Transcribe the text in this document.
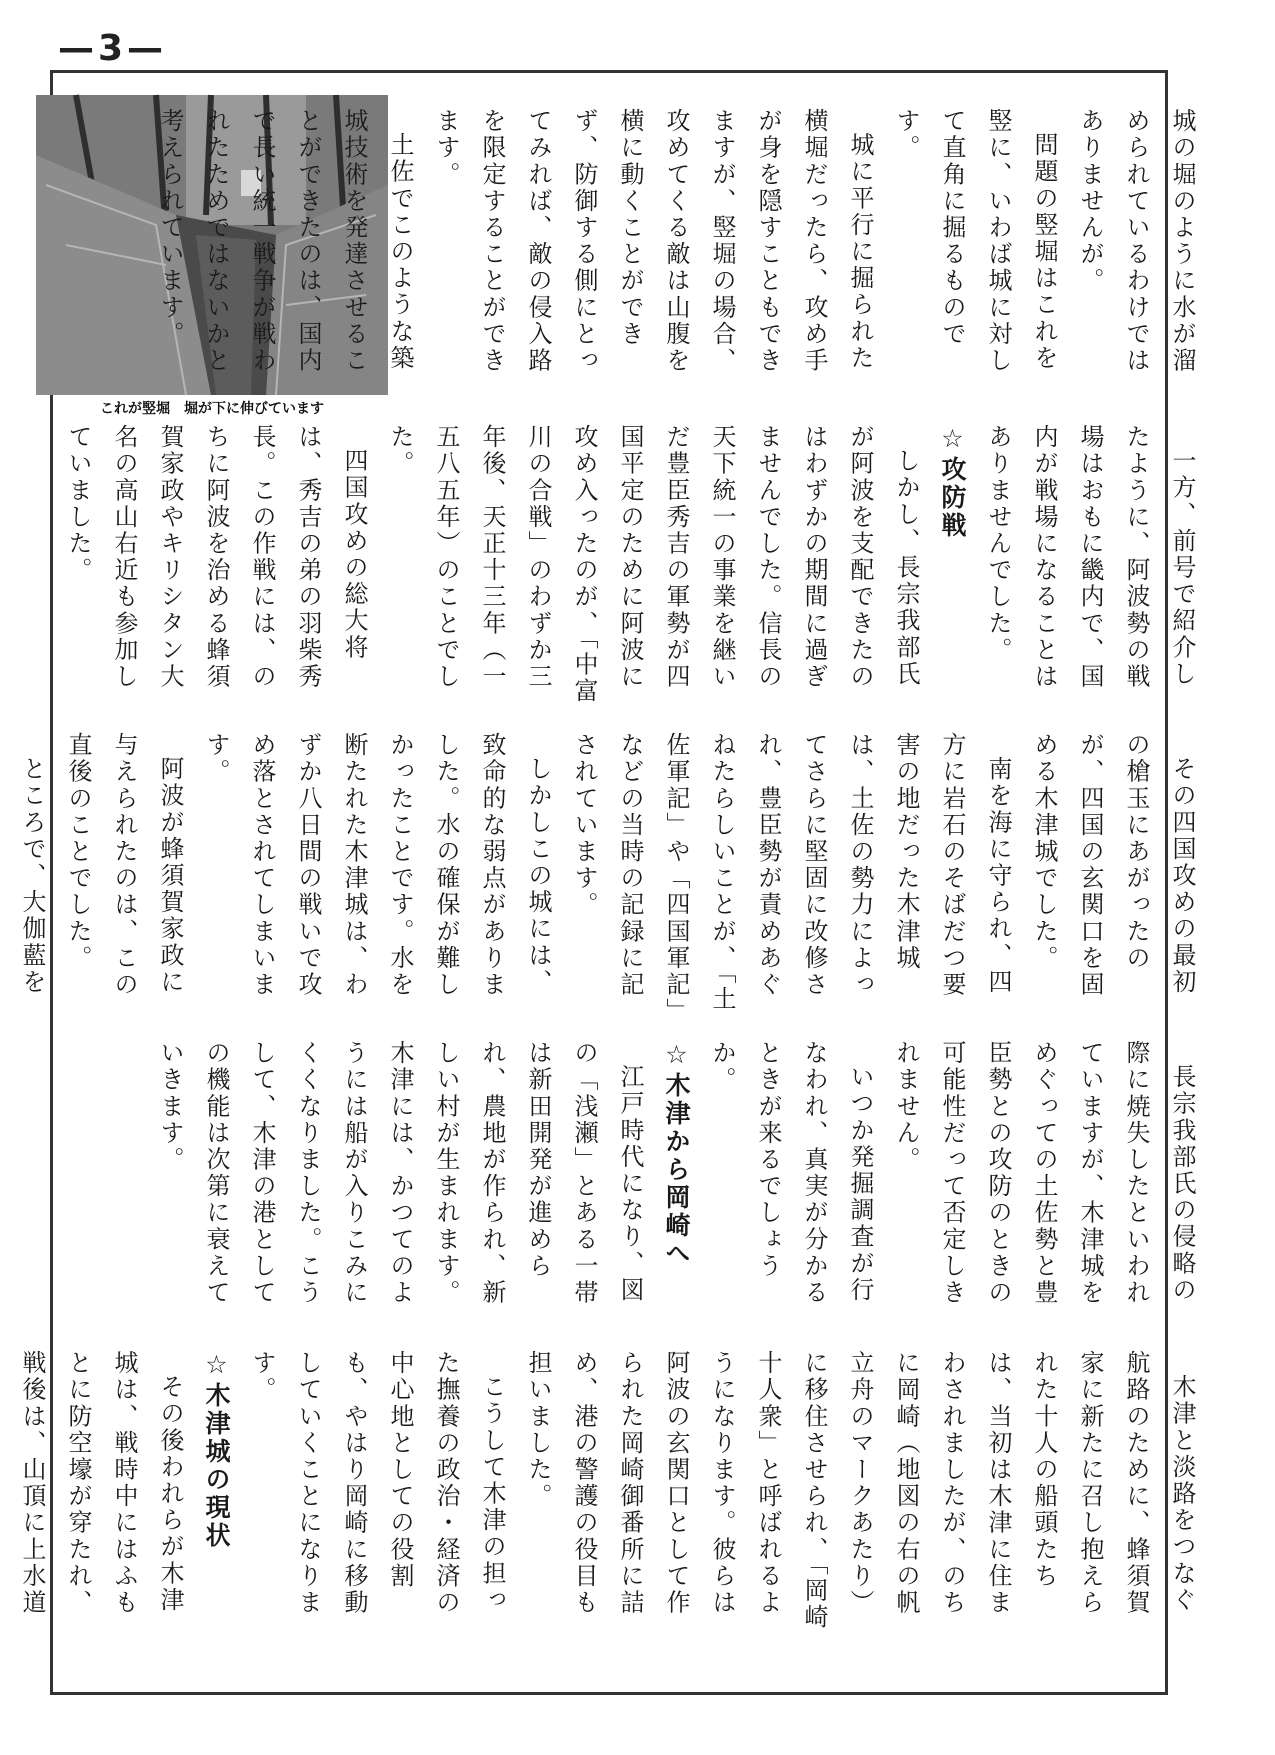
—3—
これが竪堀　堀が下に伸びています

城の堀のように水が溜められているわけではありませんが。

問題の竪堀はこれを竪に、いわば城に対して直角に掘るものです。

城に平行に掘られた横堀だったら、攻め手が身を隠すこともできますが、竪堀の場合、攻めてくる敵は山腹を横に動くことができず、防御する側にとってみれば、敵の侵入路を限定することができます。

土佐でこのような築城技術を発達させることができたのは、国内で長い統一戦争が戦われたためではないかと考えられています。

一方、前号で紹介したように、阿波勢の戦場はおもに畿内で、国内が戦場になることはありませんでした。

☆攻防戦

しかし、長宗我部氏が阿波を支配できたのはわずかの期間に過ぎませんでした。信長の天下統一の事業を継いだ豊臣秀吉の軍勢が四国平定のために阿波に攻め入ったのが、「中富川の合戦」のわずか三年後、天正十三年（一五八五年）のことでした。

四国攻めの総大将は、秀吉の弟の羽柴秀長。この作戦には、のちに阿波を治める蜂須賀家政やキリシタン大名の高山右近も参加していました。

その四国攻めの最初の槍玉にあがったのが、四国の玄関口を固める木津城でした。

南を海に守られ、四方に岩石のそばだつ要害の地だった木津城は、土佐の勢力によってさらに堅固に改修され、豊臣勢が責めあぐねたらしいことが、「土佐軍記」や「四国軍記」などの当時の記録に記されています。

しかしこの城には、致命的な弱点がありました。水の確保が難しかったことです。水を断たれた木津城は、わずか八日間の戦いで攻め落とされてしまいます。

阿波が蜂須賀家政に与えられたのは、この直後のことでした。

ところで、大伽藍を

長宗我部氏の侵略の際に焼失したといわれていますが、木津城をめぐっての土佐勢と豊臣勢との攻防のときの可能性だって否定しきれません。

いつか発掘調査が行なわれ、真実が分かるときが来るでしょうか。

☆木津から岡崎へ

江戸時代になり、図の「浅瀬」とある一帯は新田開発が進められ、農地が作られ、新しい村が生まれます。木津には、かつてのようには船が入りこみにくくなりました。こうして、木津の港としての機能は次第に衰えていきます。

木津と淡路をつなぐ航路のために、蜂須賀家に新たに召し抱えられた十人の船頭たちは、当初は木津に住まわされましたが、のちに岡崎（地図の右の帆立舟のマークあたり）に移住させられ、「岡崎十人衆」と呼ばれるようになります。彼らは阿波の玄関口として作られた岡崎御番所に詰め、港の警護の役目も担いました。

こうして木津の担った撫養の政治・経済の中心地としての役割も、やはり岡崎に移動していくことになります。

☆木津城の現状

その後われらが木津城は、戦時中にはふもとに防空壕が穿たれ、戦後は、山頂に上水道
